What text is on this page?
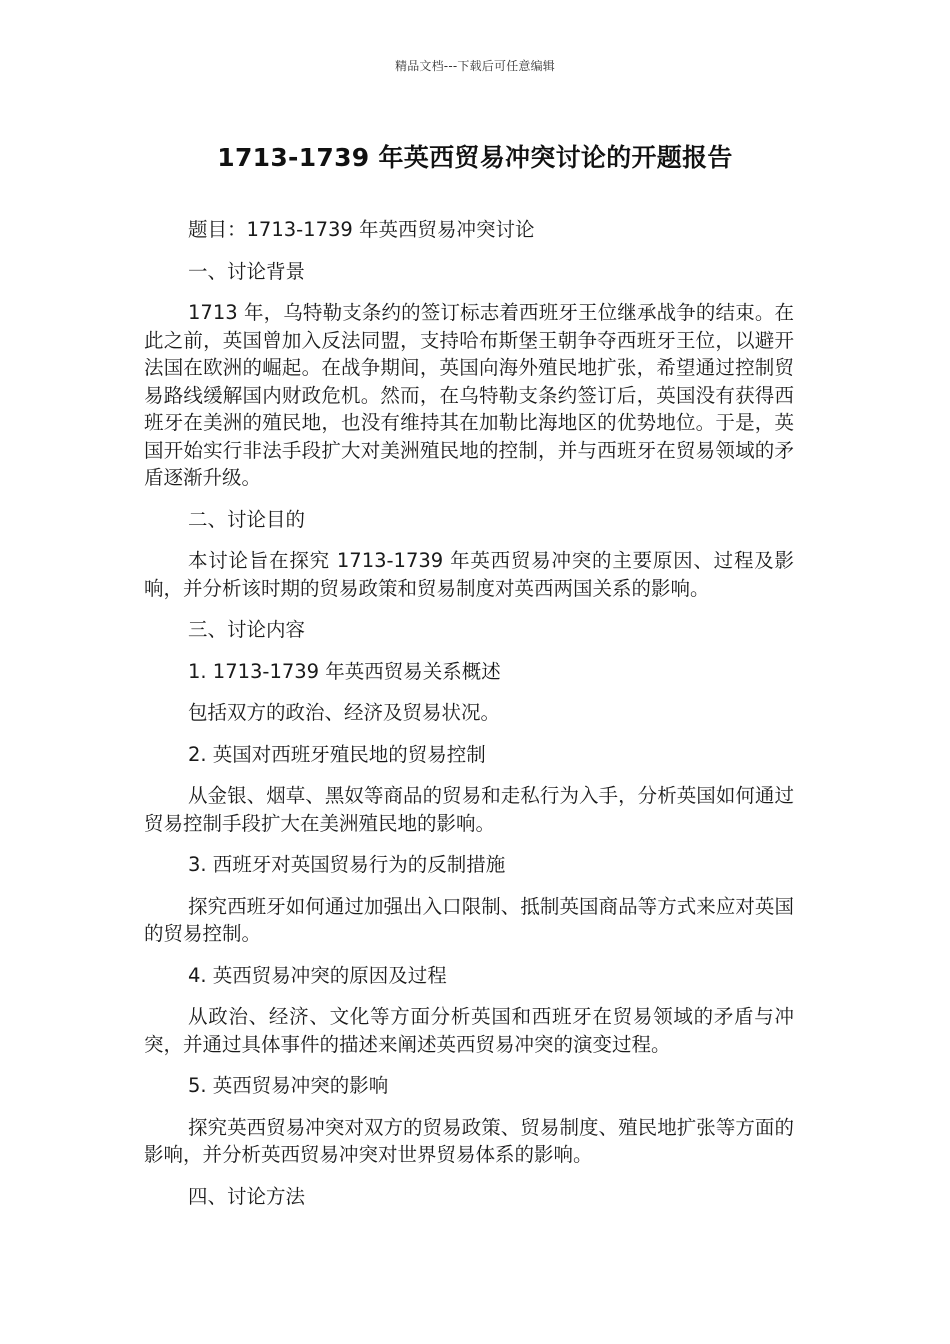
精品文档---下载后可任意编辑
1713-1739 年英西贸易冲突讨论的开题报告

题目：1713-1739 年英西贸易冲突讨论

一、讨论背景

1713 年，乌特勒支条约的签订标志着西班牙王位继承战争的结束。在此之前，英国曾加入反法同盟，支持哈布斯堡王朝争夺西班牙王位，以避开法国在欧洲的崛起。在战争期间，英国向海外殖民地扩张，希望通过控制贸易路线缓解国内财政危机。然而，在乌特勒支条约签订后，英国没有获得西班牙在美洲的殖民地，也没有维持其在加勒比海地区的优势地位。于是，英国开始实行非法手段扩大对美洲殖民地的控制，并与西班牙在贸易领域的矛盾逐渐升级。

二、讨论目的

本讨论旨在探究 1713-1739 年英西贸易冲突的主要原因、过程及影响，并分析该时期的贸易政策和贸易制度对英西两国关系的影响。

三、讨论内容

1. 1713-1739 年英西贸易关系概述

包括双方的政治、经济及贸易状况。

2. 英国对西班牙殖民地的贸易控制

从金银、烟草、黑奴等商品的贸易和走私行为入手，分析英国如何通过贸易控制手段扩大在美洲殖民地的影响。

3. 西班牙对英国贸易行为的反制措施

探究西班牙如何通过加强出入口限制、抵制英国商品等方式来应对英国的贸易控制。

4. 英西贸易冲突的原因及过程

从政治、经济、文化等方面分析英国和西班牙在贸易领域的矛盾与冲突，并通过具体事件的描述来阐述英西贸易冲突的演变过程。

5. 英西贸易冲突的影响

探究英西贸易冲突对双方的贸易政策、贸易制度、殖民地扩张等方面的影响，并分析英西贸易冲突对世界贸易体系的影响。

四、讨论方法
